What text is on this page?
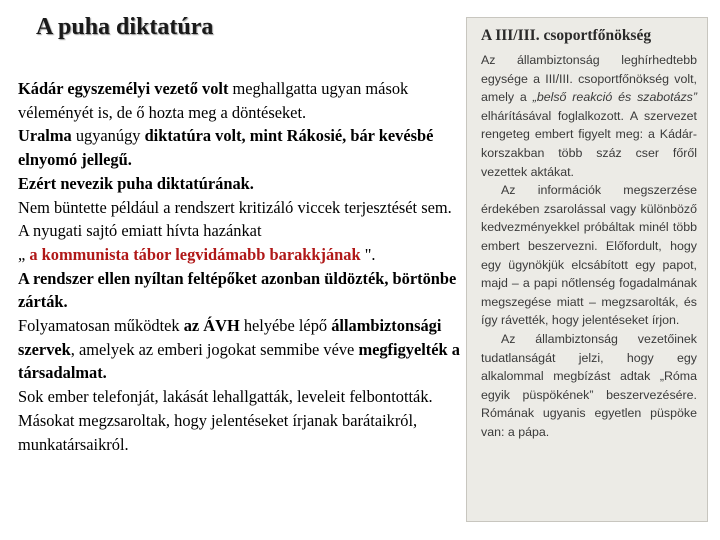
A puha diktatúra

Kádár egyszemélyi vezető volt meghallgatta ugyan mások véleményét is, de ő hozta meg a döntéseket.

Uralma ugyanúgy diktatúra volt, mint Rákosié, bár kevésbé elnyomó jellegű.

Ezért nevezik puha diktatúrának.

Nem büntette például a rendszert kritizáló viccek terjesztését sem.

A nyugati sajtó emiatt hívta hazánkat

„ a kommunista tábor legvidámabb barakkjának ".

A rendszer ellen nyíltan feltépőket azonban üldözték, börtönbe zárták.

Folyamatosan működtek az ÁVH helyébe lépő állambiztonsági szervek, amelyek az emberi jogokat semmibe véve megfigyelték a társadalmat.

Sok ember telefonját, lakását lehallgatták, leveleit felbontották.

Másokat megzsaroltak, hogy jelentéseket írjanak barátaikról, munkatársaikról.

A III/III. csoportfőnökség

Az állambiztonság leghírhedtebb egysége a III/III. csoportfőnökség volt, amely a „belső reakció és szabotázs” elhárításával foglalkozott. A szervezet rengeteg embert figyelt meg: a Kádár-korszakban több száz cser főről vezettek aktákat.

Az információk megszerzése érdekében zsarolással vagy különböző kedvezményekkel próbáltak minél több embert beszervezni. Előfordult, hogy egy ügynökjük elcsábított egy papot, majd – a papi nőtlenség fogadalmának megszegése miatt – megzsarolták, és így rávették, hogy jelentéseket írjon.

Az állambiztonság vezetőinek tudatlanságát jelzi, hogy egy alkalommal megbízást adtak „Róma egyik püspökének” beszervezésére. Rómának ugyanis egyetlen püspöke van: a pápa.
